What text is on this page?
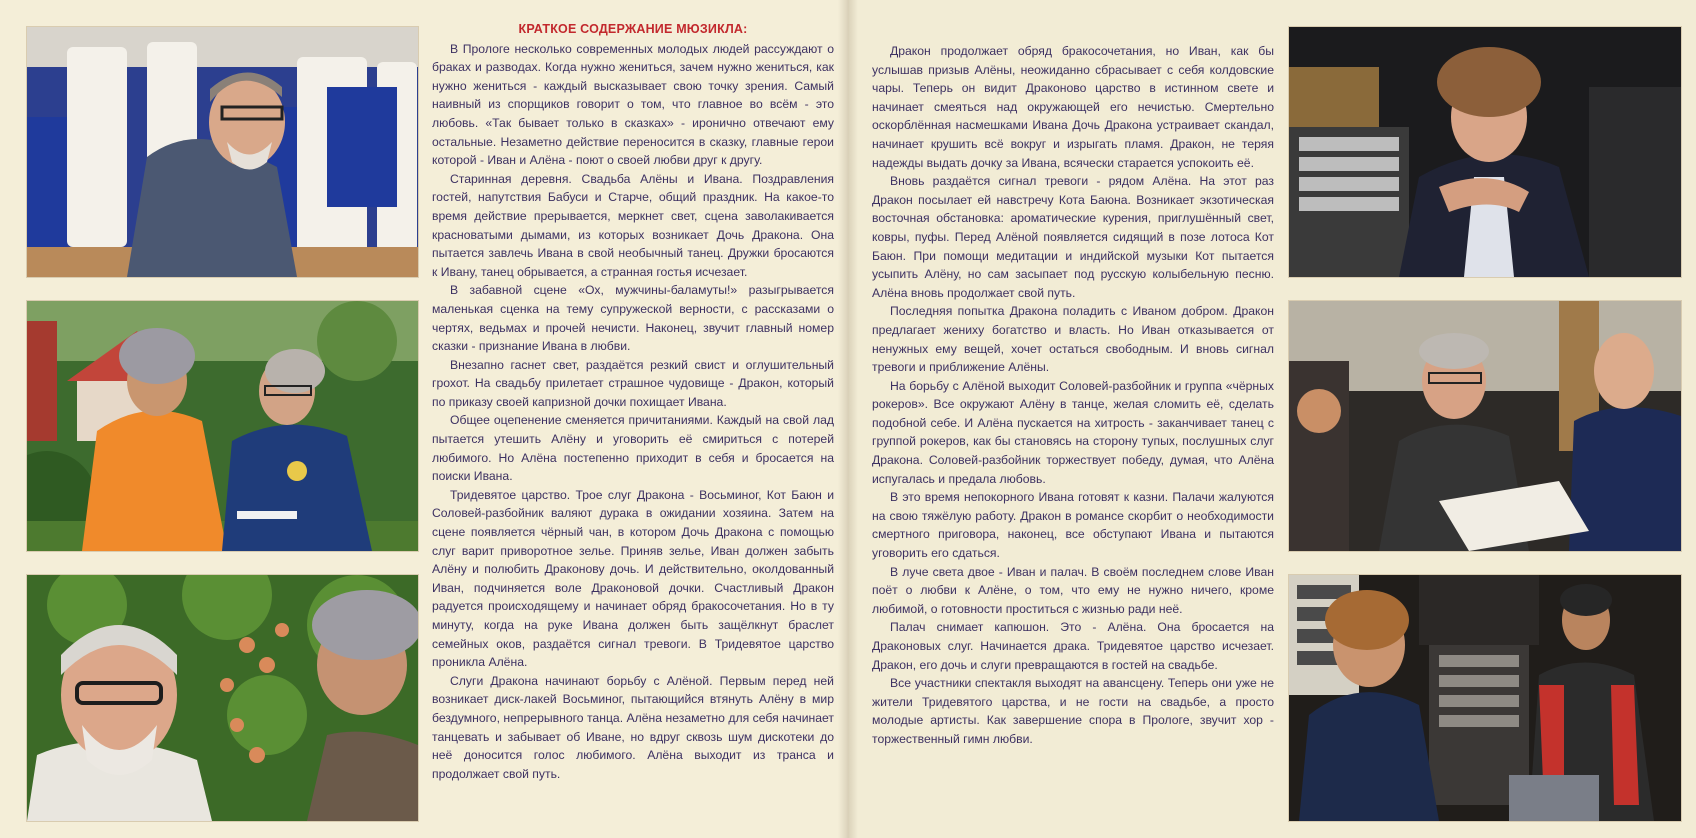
КРАТКОЕ СОДЕРЖАНИЕ МЮЗИКЛА:

В Прологе несколько современных молодых людей рассуждают о браках и разводах. Когда нужно жениться, зачем нужно жениться, как нужно жениться - каждый высказывает свою точку зрения. Самый наивный из спорщиков говорит о том, что главное во всём - это любовь. «Так бывает только в сказках» - иронично отвечают ему остальные. Незаметно действие переносится в сказку, главные герои которой - Иван и Алёна - поют о своей любви друг к другу.

Старинная деревня. Свадьба Алёны и Ивана. Поздравления гостей, напутствия Бабуси и Старче, общий праздник. На какое-то время действие прерывается, меркнет свет, сцена заволакивается красноватыми дымами, из которых возникает Дочь Дракона. Она пытается завлечь Ивана в свой необычный танец. Дружки бросаются к Ивану, танец обрывается, а странная гостья исчезает.

В забавной сцене «Ох, мужчины-баламуты!» разыгрывается маленькая сценка на тему супружеской верности, с рассказами о чертях, ведьмах и прочей нечисти. Наконец, звучит главный номер сказки - признание Ивана в любви.

Внезапно гаснет свет, раздаётся резкий свист и оглушительный грохот. На свадьбу прилетает страшное чудовище - Дракон, который по приказу своей капризной дочки похищает Ивана.

Общее оцепенение сменяется причитаниями. Каждый на свой лад пытается утешить Алёну и уговорить её смириться с потерей любимого. Но Алёна постепенно приходит в себя и бросается на поиски Ивана.

Тридевятое царство. Трое слуг Дракона - Восьминог, Кот Баюн и Соловей-разбойник валяют дурака в ожидании хозяина. Затем на сцене появляется чёрный чан, в котором Дочь Дракона с помощью слуг варит приворотное зелье. Приняв зелье, Иван должен забыть Алёну и полюбить Драконову дочь. И действительно, околдованный Иван, подчиняется воле Драконовой дочки. Счастливый Дракон радуется происходящему и начинает обряд бракосочетания. Но в ту минуту, когда на руке Ивана должен быть защёлкнут браслет семейных оков, раздаётся сигнал тревоги. В Тридевятое царство проникла Алёна.

Слуги Дракона начинают борьбу с Алёной. Первым перед ней возникает диск-лакей Восьминог, пытающийся втянуть Алёну в мир бездумного, непрерывного танца. Алёна незаметно для себя начинает танцевать и забывает об Иване, но вдруг сквозь шум дискотеки до неё доносится голос любимого. Алёна выходит из транса и продолжает свой путь.

Дракон продолжает обряд бракосочетания, но Иван, как бы услышав призыв Алёны, неожиданно сбрасывает с себя колдовские чары. Теперь он видит Драконово царство в истинном свете и начинает смеяться над окружающей его нечистью. Смертельно оскорблённая насмешками Ивана Дочь Дракона устраивает скандал, начинает крушить всё вокруг и изрыгать пламя. Дракон, не теряя надежды выдать дочку за Ивана, всячески старается успокоить её.

Вновь раздаётся сигнал тревоги - рядом Алёна. На этот раз Дракон посылает ей навстречу Кота Баюна. Возникает экзотическая восточная обстановка: ароматические курения, приглушённый свет, ковры, пуфы. Перед Алёной появляется сидящий в позе лотоса Кот Баюн. При помощи медитации и индийской музыки Кот пытается усыпить Алёну, но сам засыпает под русскую колыбельную песню. Алёна вновь продолжает свой путь.

Последняя попытка Дракона поладить с Иваном добром. Дракон предлагает жениху богатство и власть. Но Иван отказывается от ненужных ему вещей, хочет остаться свободным. И вновь сигнал тревоги и приближение Алёны.

На борьбу с Алёной выходит Соловей-разбойник и группа «чёрных рокеров». Все окружают Алёну в танце, желая сломить её, сделать подобной себе. И Алёна пускается на хитрость - заканчивает танец с группой рокеров, как бы становясь на сторону тупых, послушных слуг Дракона. Соловей-разбойник торжествует победу, думая, что Алёна испугалась и предала любовь.

В это время непокорного Ивана готовят к казни. Палачи жалуются на свою тяжёлую работу. Дракон в романсе скорбит о необходимости смертного приговора, наконец, все обступают Ивана и пытаются уговорить его сдаться.

В луче света двое - Иван и палач. В своём последнем слове Иван поёт о любви к Алёне, о том, что ему не нужно ничего, кроме любимой, о готовности проститься с жизнью ради неё.

Палач снимает капюшон. Это - Алёна. Она бросается на Драконовых слуг. Начинается драка. Тридевятое царство исчезает. Дракон, его дочь и слуги превращаются в гостей на свадьбе.

Все участники спектакля выходят на авансцену. Теперь они уже не жители Тридевятого царства, и не гости на свадьбе, а просто молодые артисты. Как завершение спора в Прологе, звучит хор - торжественный гимн любви.
